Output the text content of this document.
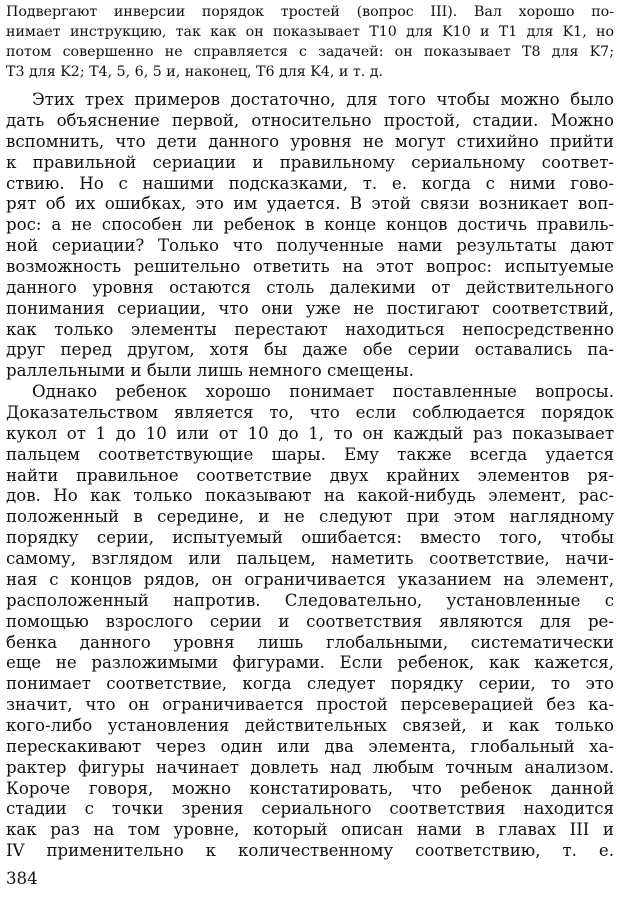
Подвергают инверсии порядок тростей (вопрос III). Вал хорошо по-
нимает инструкцию, так как он показывает T10 для K10 и T1 для K1, но
потом совершенно не справляется с задачей: он показывает T8 для K7;
T3 для K2; T4, 5, 6, 5 и, наконец, T6 для K4, и т. д.
Этих трех примеров достаточно, для того чтобы можно было
дать объяснение первой, относительно простой, стадии. Можно
вспомнить, что дети данного уровня не могут стихийно прийти
к правильной сериации и правильному сериальному соответ-
ствию. Но с нашими подсказками, т. е. когда с ними гово-
рят об их ошибках, это им удается. В этой связи возникает воп-
рос: а не способен ли ребенок в конце концов достичь правиль-
ной сериации? Только что полученные нами результаты дают
возможность решительно ответить на этот вопрос: испытуемые
данного уровня остаются столь далекими от действительного
понимания сериации, что они уже не постигают соответствий,
как только элементы перестают находиться непосредственно
друг перед другом, хотя бы даже обе серии оставались па-
раллельными и были лишь немного смещены.
Однако ребенок хорошо понимает поставленные вопросы.
Доказательством является то, что если соблюдается порядок
кукол от 1 до 10 или от 10 до 1, то он каждый раз показывает
пальцем соответствующие шары. Ему также всегда удается
найти правильное соответствие двух крайних элементов ря-
дов. Но как только показывают на какой-нибудь элемент, рас-
положенный в середине, и не следуют при этом наглядному
порядку серии, испытуемый ошибается: вместо того, чтобы
самому, взглядом или пальцем, наметить соответствие, начи-
ная с концов рядов, он ограничивается указанием на элемент,
расположенный напротив. Следовательно, установленные с
помощью взрослого серии и соответствия являются для ре-
бенка данного уровня лишь глобальными, систематически
еще не разложимыми фигурами. Если ребенок, как кажется,
понимает соответствие, когда следует порядку серии, то это
значит, что он ограничивается простой персеверацией без ка-
кого-либо установления действительных связей, и как только
перескакивают через один или два элемента, глобальный ха-
рактер фигуры начинает довлеть над любым точным анализом.
Короче говоря, можно констатировать, что ребенок данной
стадии с точки зрения сериального соответствия находится
как раз на том уровне, который описан нами в главах III и
IV применительно к количественному соответствию, т. е.
384
